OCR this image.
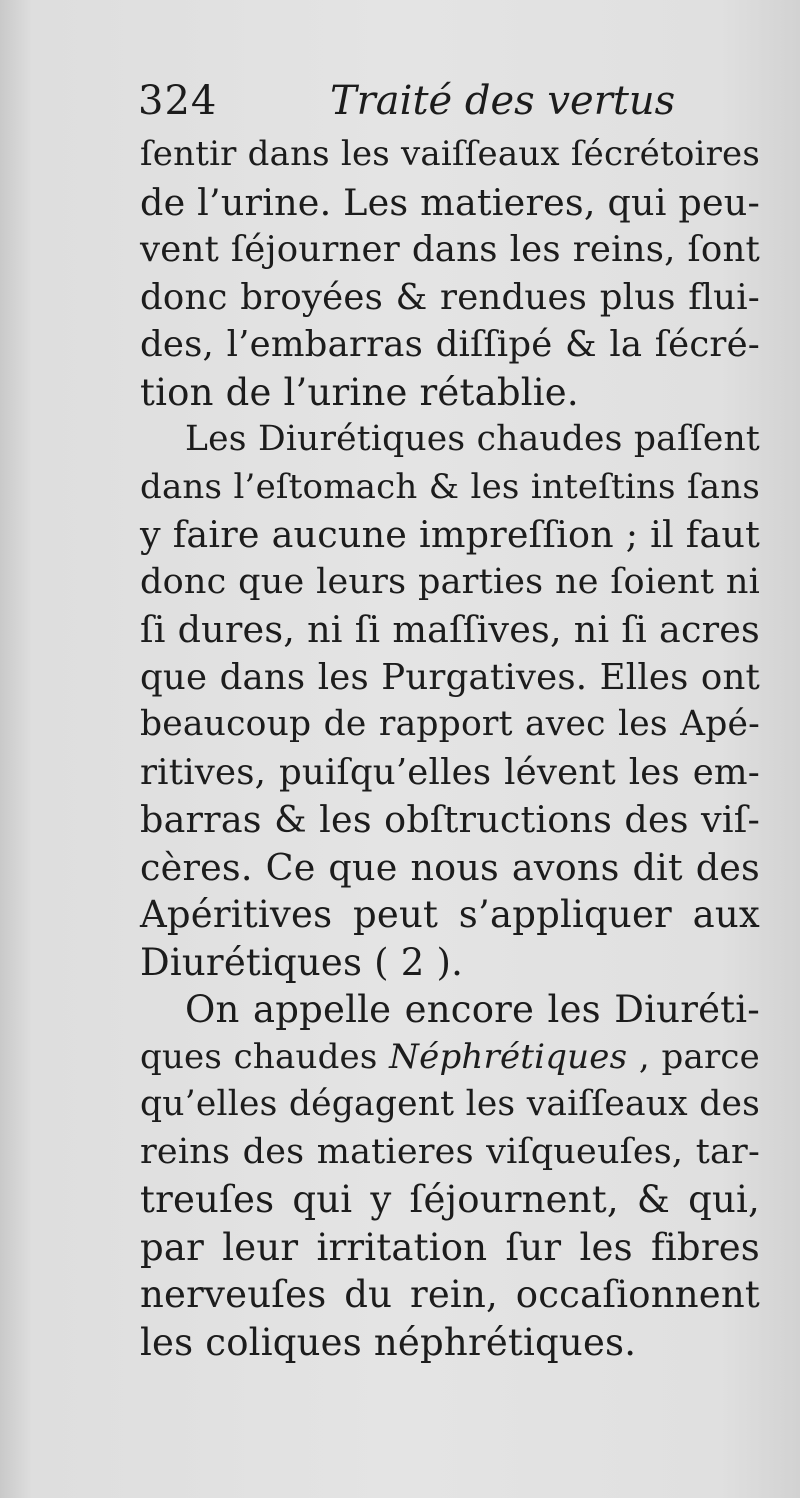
324	Traité des vertus
ſentir dans les vaiſſeaux ſécrétoires
de l’urine. Les matieres, qui peu-
vent ſéjourner dans les reins, ſont
donc broyées & rendues plus flui-
des, l’embarras diſſipé & la ſécré-
tion de l’urine rétablie.
Les Diurétiques chaudes paſſent
dans l’eſtomach & les inteſtins ſans
y faire aucune impreſſion ; il faut
donc que leurs parties ne ſoient ni
ſi dures, ni ſi maſſives, ni ſi acres
que dans les Purgatives. Elles ont
beaucoup de rapport avec les Apé-
ritives, puiſqu’elles lévent les em-
barras & les obſtructions des viſ-
cères. Ce que nous avons dit des
Apéritives peut s’appliquer aux
Diurétiques ( 2 ).
On appelle encore les Diuréti-
ques chaudes Néphrétiques , parce
qu’elles dégagent les vaiſſeaux des
reins des matieres viſqueuſes, tar-
treuſes qui y ſéjournent, & qui,
par leur irritation ſur les fibres
nerveuſes du rein, occaſionnent
les coliques néphrétiques.
